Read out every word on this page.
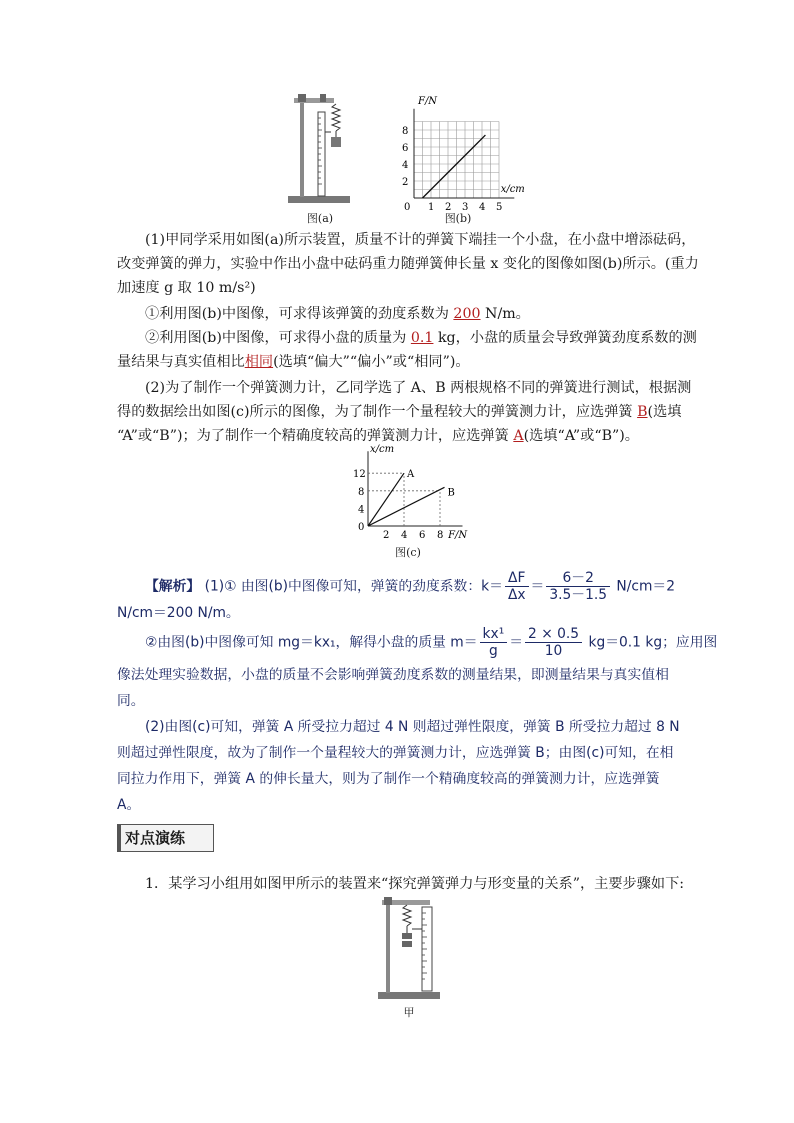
图(a)
0 1 2 3 4 5
2
4
6
8
F/N
x/cm
图(b)
(1)甲同学采用如图(a)所示装置，质量不计的弹簧下端挂一个小盘，在小盘中增添砝码，
改变弹簧的弹力，实验中作出小盘中砝码重力随弹簧伸长量 x 变化的图像如图(b)所示。(重力
加速度 g 取 10 m/s²)
①利用图(b)中图像，可求得该弹簧的劲度系数为 200 N/m。
②利用图(b)中图像，可求得小盘的质量为 0.1 kg，小盘的质量会导致弹簧劲度系数的测
量结果与真实值相比相同(选填“偏大”“偏小”或“相同”)。
(2)为了制作一个弹簧测力计，乙同学选了 A、B 两根规格不同的弹簧进行测试，根据测
得的数据绘出如图(c)所示的图像，为了制作一个量程较大的弹簧测力计，应选弹簧 B(选填
“A”或“B”)；为了制作一个精确度较高的弹簧测力计，应选弹簧 A(选填“A”或“B”)。
A
B
2 4 6 8
0
4
8
12
x/cm
F/N
图(c)
【解析】 (1)① 由图(b)中图像可知，弹簧的劲度系数：$k= \frac{\Delta F}{\Delta x} = \frac{6-2}{3.5-1.5} N/cm=2$
N/cm＝200 N/m。
②由图(b)中图像可知 mg＝kx₁，解得小盘的质量 $m= \frac{\text{kx¹}}{g} = \frac{2 \times 0.5}{10} kg=0.1$ kg；应用图
像法处理实验数据，小盘的质量不会影响弹簧劲度系数的测量结果，即测量结果与真实值相
同。
(2)由图(c)可知，弹簧 A 所受拉力超过 4 N 则超过弹性限度，弹簧 B 所受拉力超过 8 N
则超过弹性限度，故为了制作一个量程较大的弹簧测力计，应选弹簧 B；由图(c)可知，在相
同拉力作用下，弹簧 A 的伸长量大，则为了制作一个精确度较高的弹簧测力计，应选弹簧
A。
对点演练
1．某学习小组用如图甲所示的装置来“探究弹簧弹力与形变量的关系”，主要步骤如下:
甲
